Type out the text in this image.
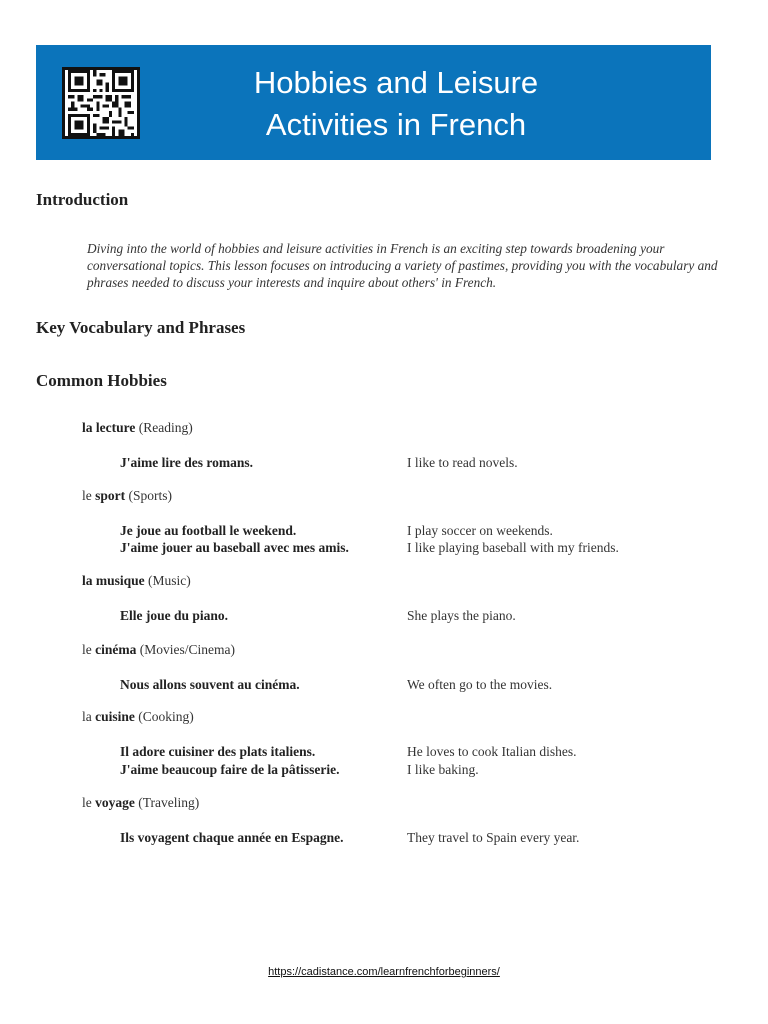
Hobbies and Leisure
Activities in French
Introduction

Diving into the world of hobbies and leisure activities in French is an exciting step towards broadening your conversational topics. This lesson focuses on introducing a variety of pastimes, providing you with the vocabulary and phrases needed to discuss your interests and inquire about others' in French.

Key Vocabulary and Phrases
Common Hobbies
la lecture (Reading)
J'aime lire des romans.	I like to read novels.
le sport (Sports)
Je joue au football le weekend.	I play soccer on weekends.
J'aime jouer au baseball avec mes amis.	I like playing baseball with my friends.
la musique (Music)
Elle joue du piano.	She plays the piano.
le cinéma (Movies/Cinema)
Nous allons souvent au cinéma.	We often go to the movies.
la cuisine (Cooking)
Il adore cuisiner des plats italiens.	He loves to cook Italian dishes.
J'aime beaucoup faire de la pâtisserie.	I like baking.
le voyage (Traveling)
Ils voyagent chaque année en Espagne.	They travel to Spain every year.
https://cadistance.com/learnfrenchforbeginners/
